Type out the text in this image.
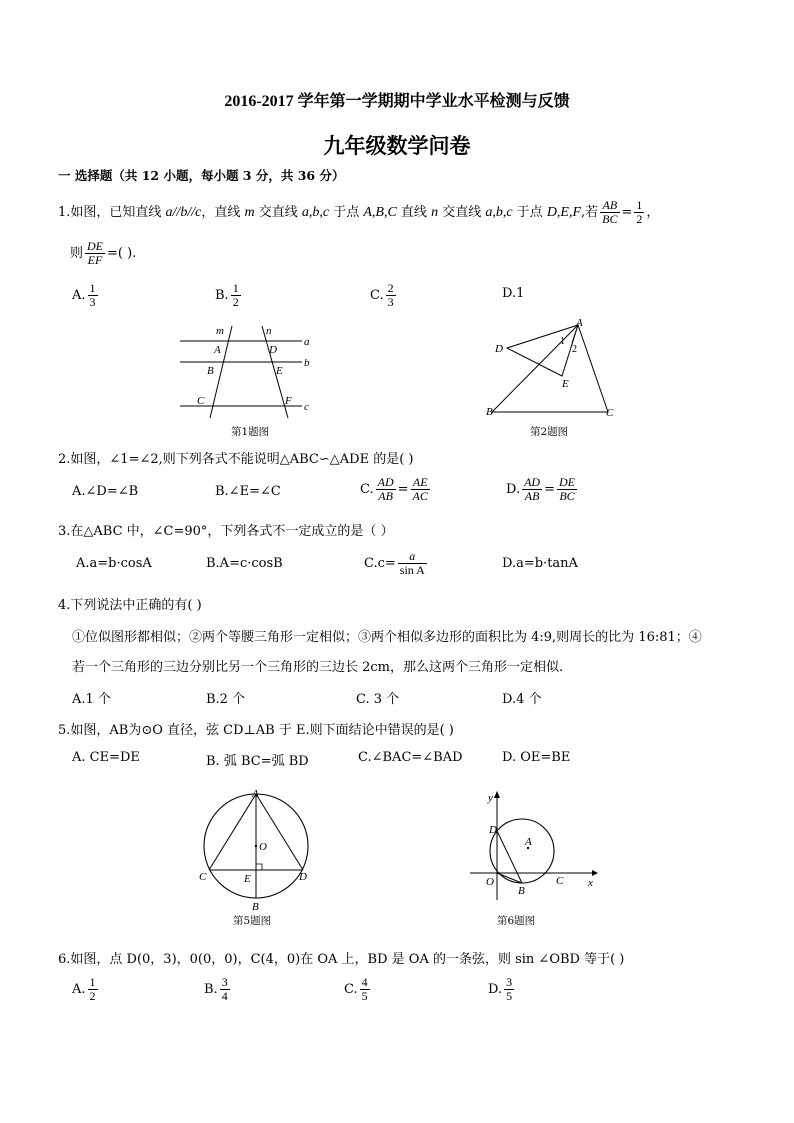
2016-2017 学年第一学期期中学业水平检测与反馈
九年级数学问卷
一 选择题（共 12 小题，每小题 3 分，共 36 分）
1.如图，已知直线 a//b//c，直线 m 交直线 a,b,c 于点 A,B,C 直线 n 交直线 a,b,c 于点 D,E,F,若 $\frac{AB}{BC} = \frac{1}{2}$ ，
则 $\frac{DE}{EF}$ =( ).
A. $\frac{1}{3}$	B. $\frac{1}{2}$	C. $\frac{2}{3}$	D.1
m	n
a
b
c
A
B
C
D
E
F
第1题图
A
B	C
D
E
1
2
第2题图
2.如图，∠1=∠2,则下列各式不能说明△ABC∽△ADE 的是( )
A.∠D=∠B	B.∠E=∠C	C. $\frac{AD}{AB} = \frac{AE}{AC}$	D. $\frac{AD}{AB} = \frac{DE}{BC}$
3.在△ABC 中，∠C=90°，下列各式不一定成立的是（ ）
A.a=b·cosA	B.A=c·cosB	$C.c= \frac{a}{\text{sin A}}$	D.a=b·tanA
4.下列说法中正确的有( )
①位似图形都相似；②两个等腰三角形一定相似；③两个相似多边形的面积比为 4:9,则周长的比为 16:81；④
若一个三角形的三边分别比另一个三角形的三边长 2cm，那么这两个三角形一定相似.
A.1 个	B.2 个	C. 3 个	D.4 个
5.如图，AB为⊙O 直径，弦 CD⊥AB 于 E.则下面结论中错误的是( )
A. CE=DE	B. 弧 BC=弧 BD	C.∠BAC=∠BAD	D. OE=BE
A
B
C	D
E
O
第5题图
y
x
O
D
A
B
C
第6题图
6.如图，点 D(0，3)，0(0，0)，C(4，0)在 OA 上，BD 是 OA 的一条弦，则 sin ∠OBD 等于( )
A. $\frac{1}{2}$	B. $\frac{3}{4}$	C. $\frac{4}{5}$	D. $\frac{3}{5}$
